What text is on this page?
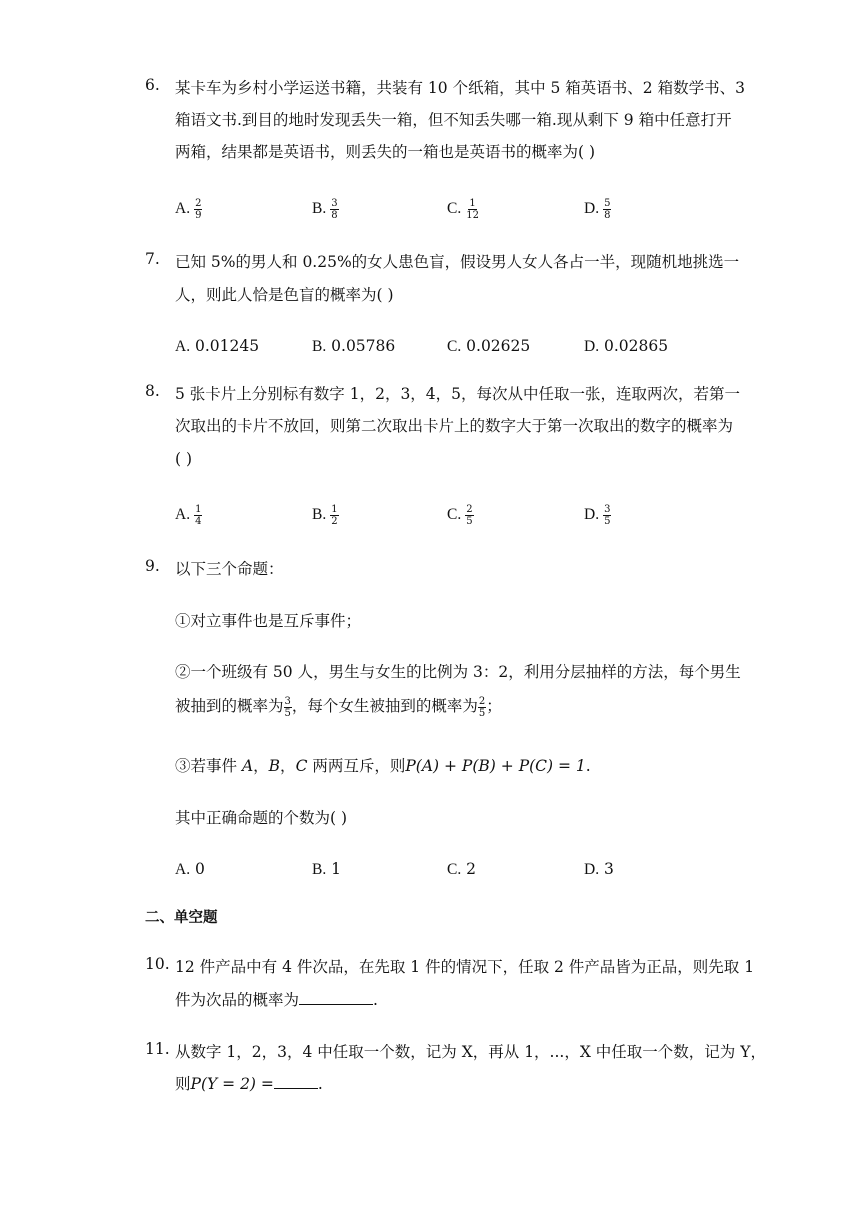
6. 某卡车为乡村小学运送书籍，共装有 10 个纸箱，其中 5 箱英语书、2 箱数学书、3
箱语文书.到目的地时发现丢失一箱，但不知丢失哪一箱.现从剩下 9 箱中任意打开
两箱，结果都是英语书，则丢失的一箱也是英语书的概率为( )
A. $\frac{2}{9}$	B. $\frac{3}{8}$	C. $\frac{1}{12}$	D. $\frac{5}{8}$
7. 已知 5%的男人和 0.25%的女人患色盲，假设男人女人各占一半，现随机地挑选一
人，则此人恰是色盲的概率为( )
A. 0.01245	B. 0.05786	C. 0.02625	D. 0.02865
8. 5 张卡片上分别标有数字 1，2，3，4，5，每次从中任取一张，连取两次，若第一
次取出的卡片不放回，则第二次取出卡片上的数字大于第一次取出的数字的概率为
( )
A. $\frac{1}{4}$	B. $\frac{1}{2}$	C. $\frac{2}{5}$	D. $\frac{3}{5}$
9. 以下三个命题：
①对立事件也是互斥事件；
②一个班级有 50 人，男生与女生的比例为 3：2，利用分层抽样的方法，每个男生
被抽到的概率为 $\frac{3}{5}$ ，每个女生被抽到的概率为 $\frac{2}{5}$ ；
③若事件 A，B，C 两两互斥，则P(A) + P(B) + P(C) = 1.
其中正确命题的个数为( )
A. 0	B. 1	C. 2	D. 3
二、单空题
10. 12 件产品中有 4 件次品，在先取 1 件的情况下，任取 2 件产品皆为正品，则先取 1
件为次品的概率为	.
11. 从数字 1，2，3，4 中任取一个数，记为 X，再从 1，...，X 中任取一个数，记为 Y，
则P(Y = 2) =	.
